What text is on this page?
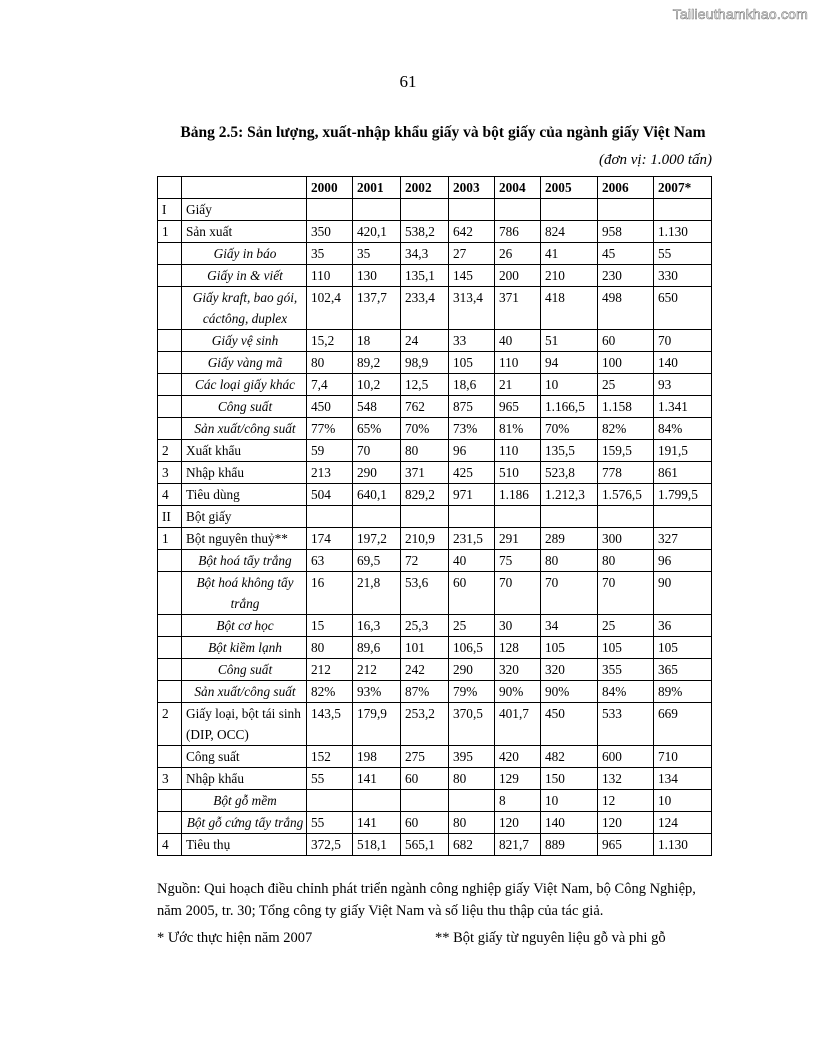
Tailieuthamkhao.com
61
Bảng 2.5: Sản lượng, xuất-nhập khẩu giấy và bột giấy của ngành giấy Việt Nam
(đơn vị: 1.000 tấn)
		2000	2001	2002	2003	2004	2005	2006	2007*
I	Giấy								
1	Sản xuất	350	420,1	538,2	642	786	824	958	1.130
	Giấy in báo	35	35	34,3	27	26	41	45	55
	Giấy in & viết	110	130	135,1	145	200	210	230	330
	Giấy kraft, bao gói, cáctông, duplex	102,4	137,7	233,4	313,4	371	418	498	650
	Giấy vệ sinh	15,2	18	24	33	40	51	60	70
	Giấy vàng mã	80	89,2	98,9	105	110	94	100	140
	Các loại giấy khác	7,4	10,2	12,5	18,6	21	10	25	93
	Công suất	450	548	762	875	965	1.166,5	1.158	1.341
	Sản xuất/công suất	77%	65%	70%	73%	81%	70%	82%	84%
2	Xuất khẩu	59	70	80	96	110	135,5	159,5	191,5
3	Nhập khẩu	213	290	371	425	510	523,8	778	861
4	Tiêu dùng	504	640,1	829,2	971	1.186	1.212,3	1.576,5	1.799,5
II	Bột giấy								
1	Bột nguyên thuỷ**	174	197,2	210,9	231,5	291	289	300	327
	Bột hoá tẩy trắng	63	69,5	72	40	75	80	80	96
	Bột hoá không tẩy trắng	16	21,8	53,6	60	70	70	70	90
	Bột cơ học	15	16,3	25,3	25	30	34	25	36
	Bột kiềm lạnh	80	89,6	101	106,5	128	105	105	105
	Công suất	212	212	242	290	320	320	355	365
	Sản xuất/công suất	82%	93%	87%	79%	90%	90%	84%	89%
2	Giấy loại, bột tái sinh (DIP, OCC)	143,5	179,9	253,2	370,5	401,7	450	533	669
	Công suất	152	198	275	395	420	482	600	710
3	Nhập khẩu	55	141	60	80	129	150	132	134
	Bột gỗ mềm					8	10	12	10
	Bột gỗ cứng tẩy trắng	55	141	60	80	120	140	120	124
4	Tiêu thụ	372,5	518,1	565,1	682	821,7	889	965	1.130
Nguồn: Qui hoạch điều chỉnh phát triển ngành công nghiệp giấy Việt Nam, bộ Công Nghiệp, năm 2005, tr. 30; Tổng công ty giấy Việt Nam và số liệu thu thập của tác giả.
* Ước thực hiện năm 2007	** Bột giấy từ nguyên liệu gỗ và phi gỗ
